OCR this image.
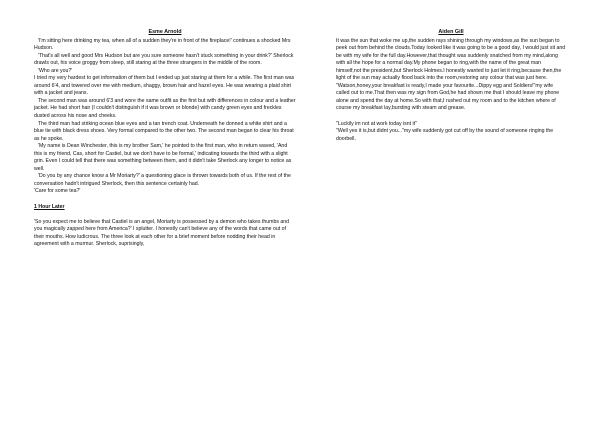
Esme Arnold

'I'm sitting here drinking my tea, when all of a sudden they're in front of the fireplace!' continues a shocked Mrs Hudson.

'That's all well and good Mrs Hudson but are you sure someone hasn't stuck something in your drink?' Sherlock drawls out, his voice groggy from sleep, still staring at the three strangers in the middle of the room.

'Who are you?'

I tried my very hardest to get information of them but I ended up just staring at them for a while. The first man was around 6'4, and towered over me with medium, shaggy, brown hair and hazel eyes. He was wearing a plaid shirt with a jacket and jeans.

The second man was around 6'3 and wore the same outfit as the first but with differences in colour and a leather jacket. He had short hair (I couldn't distinguish if it was brown or blonde) with candy green eyes and freckles dusted across his nose and cheeks.

The third man had striking ocean blue eyes and a tan trench coat. Underneath he donned a white shirt and a blue tie with black dress shoes. Very formal compared to the other two. The second man began to clear his throat as he spoke.

'My name is Dean Winchester, this is my brother Sam,' he pointed to the first man, who in return waved, 'And this is my friend, Cas, short for Castiel, but we don't have to be formal,' indicating towards the third with a slight grin. Even I could tell that there was something between them, and it didn't take Sherlock any longer to notice as well.

'Do you by any chance know a Mr Moriarty?' a questioning glace is thrown towards both of us. If the rest of the conversation hadn't intrigued Sherlock, then this sentence certainly had.

'Care for some tea?'

1 Hour Later

'So you expect me to believe that Castiel is an angel, Moriarty is possessed by a demon who takes thumbs and you magically zapped here from America?' I splutter. I honestly can't believe any of the words that came out of their mouths. How ludicrous. The three look at each other for a brief moment before nodding their head in agreement with a murmur. Sherlock, suprisingly,

Aiden Gill

It was the sun that woke me up,the sudden rays shining through my windows,as the sun began to peek out from behind the clouds.Today looked like it was going to be a good day, I would just sit and be with my wife for the full day.However,that thought was suddenly snatched from my mind,along with all the hope for a normal day.My phone began to ring,with the name of the great man himself,not the president,but Sherlock Holmes.I honestly wanted to just let it ring,because then,the light of the sun may actually flood back into the room,restoring any colour that was just here.

"Watson,honey,your breakfast is ready,I made your favourite...Dippy egg and Soldiers!"my wife called out to me.That then was my sign from God,he had shown me that I should leave my phone alone and spend the day at home.So with that,I rushed out my room and to the kitchen where of course my breakfast lay,bursting with steam and grease.

"Luckily im not at work today isnt it"

"Well yes it is,but didnt you..."my wife suddenly got cut off by the sound of someone ringing the doorbell.
